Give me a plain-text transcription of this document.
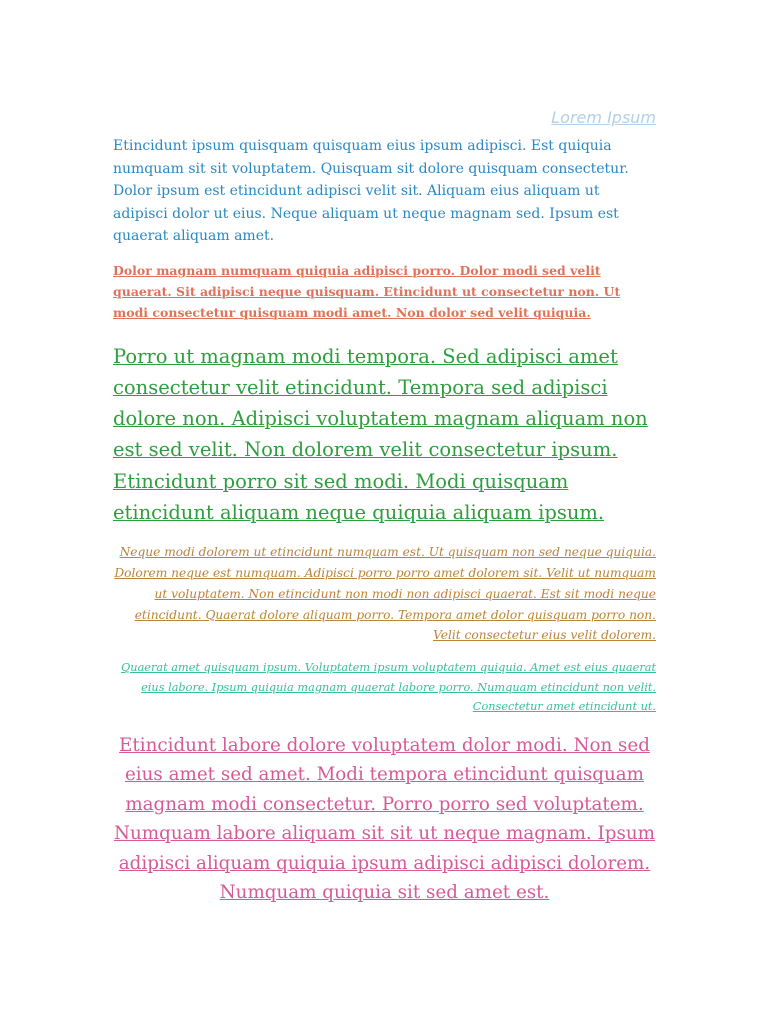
Lorem Ipsum

Etincidunt ipsum quisquam quisquam eius ipsum adipisci. Est quiquia numquam sit sit voluptatem. Quisquam sit dolore quisquam consectetur. Dolor ipsum est etincidunt adipisci velit sit. Aliquam eius aliquam ut adipisci dolor ut eius. Neque aliquam ut neque magnam sed. Ipsum est quaerat aliquam amet.

Dolor magnam numquam quiquia adipisci porro. Dolor modi sed velit quaerat. Sit adipisci neque quisquam. Etincidunt ut consectetur non. Ut modi consectetur quisquam modi amet. Non dolor sed velit quiquia.

Porro ut magnam modi tempora. Sed adipisci amet consectetur velit etincidunt. Tempora sed adipisci dolore non. Adipisci voluptatem magnam aliquam non est sed velit. Non dolorem velit consectetur ipsum. Etincidunt porro sit sed modi. Modi quisquam etincidunt aliquam neque quiquia aliquam ipsum.

Neque modi dolorem ut etincidunt numquam est. Ut quisquam non sed neque quiquia. Dolorem neque est numquam. Adipisci porro porro amet dolorem sit. Velit ut numquam ut voluptatem. Non etincidunt non modi non adipisci quaerat. Est sit modi neque etincidunt. Quaerat dolore aliquam porro. Tempora amet dolor quisquam porro non. Velit consectetur eius velit dolorem.

Quaerat amet quisquam ipsum. Voluptatem ipsum voluptatem quiquia. Amet est eius quaerat eius labore. Ipsum quiquia magnam quaerat labore porro. Numquam etincidunt non velit. Consectetur amet etincidunt ut.

Etincidunt labore dolore voluptatem dolor modi. Non sed eius amet sed amet. Modi tempora etincidunt quisquam magnam modi consectetur. Porro porro sed voluptatem. Numquam labore aliquam sit sit ut neque magnam. Ipsum adipisci aliquam quiquia ipsum adipisci adipisci dolorem. Numquam quiquia sit sed amet est.
